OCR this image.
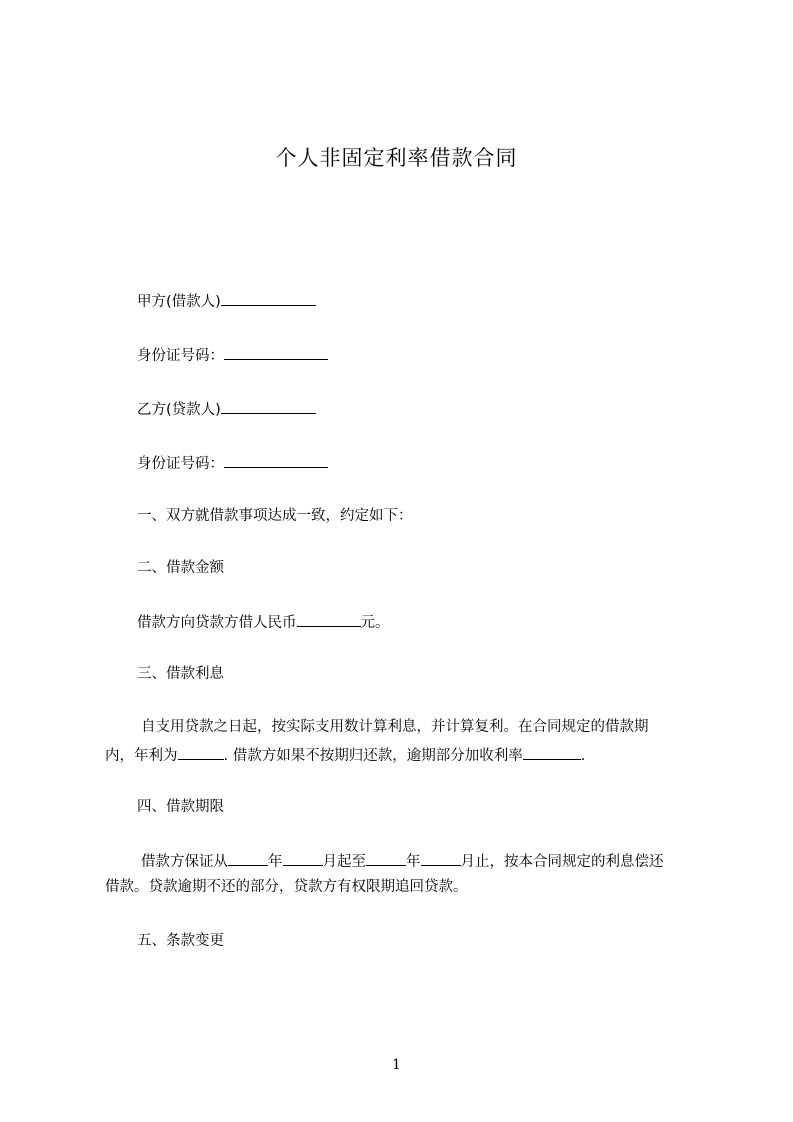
个人非固定利率借款合同
甲方(借款人)
身份证号码：
乙方(贷款人)
身份证号码：
一、双方就借款事项达成一致，约定如下：
二、借款金额
借款方向贷款方借人民币	元。
三、借款利息
自支用贷款之日起，按实际支用数计算利息，并计算复利。在合同规定的借款期
内，年利为	. 借款方如果不按期归还款，逾期部分加收利率	.
四、借款期限
借款方保证从	年	月起至	年	月止，按本合同规定的利息偿还
借款。贷款逾期不还的部分，贷款方有权限期追回贷款。
五、条款变更
1
